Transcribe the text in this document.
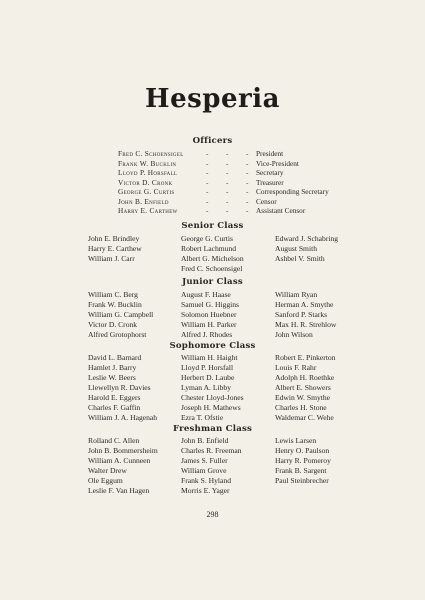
Hesperia
Officers
Fred C. Schoensigel	- - - President
Frank W. Bucklin	- - - Vice-President
Lloyd P. Horsfall	- - - Secretary
Victor D. Cronk	- - - Treasurer
George G. Curtis	- - - Corresponding Secretary
John B. Enfield	- - - Censor
Harry E. Carthew	- - - Assistant Censor
Senior Class
John E. Brindley
Harry E. Carthew
William J. Carr
George G. Curtis
Robert Lachmund
Albert G. Michelson
Fred C. Schoensigel
Edward J. Schabring
August Smith
Ashbel V. Smith
Junior Class
William C. Berg
Frank W. Bucklin
William G. Campbell
Victor D. Cronk
Alfred Grotophorst
August F. Haase
Samuel G. Higgins
Solomon Huebner
William H. Parker
Alfred J. Rhodes
William Ryan
Herman A. Smythe
Sanford P. Starks
Max H. R. Strehlow
John Wilson
Sophomore Class
David L. Barnard
Hamlet J. Barry
Leslie W. Beers
Llewellyn R. Davies
Harold E. Eggers
Charles F. Gaffin
William J. A. Hagenah
William H. Haight
Lloyd P. Horsfall
Herbert D. Laube
Lyman A. Libby
Chester Lloyd-Jones
Joseph H. Mathews
Ezra T. Ofstie
Robert E. Pinkerton
Louis F. Rahr
Adolph H. Roethke
Albert E. Showers
Edwin W. Smythe
Charles H. Stone
Waldemar C. Wehe
Freshman Class
Rolland C. Allen
John B. Bommersheim
William A. Cunneen
Walter Drew
Ole Eggum
Leslie F. Van Hagen
John B. Enfield
Charles R. Freeman
James S. Fuller
William Grove
Frank S. Hyland
Morris E. Yager
Lewis Larsen
Henry O. Paulson
Harry R. Pomeroy
Frank B. Sargent
Paul Steinbrecher
298
